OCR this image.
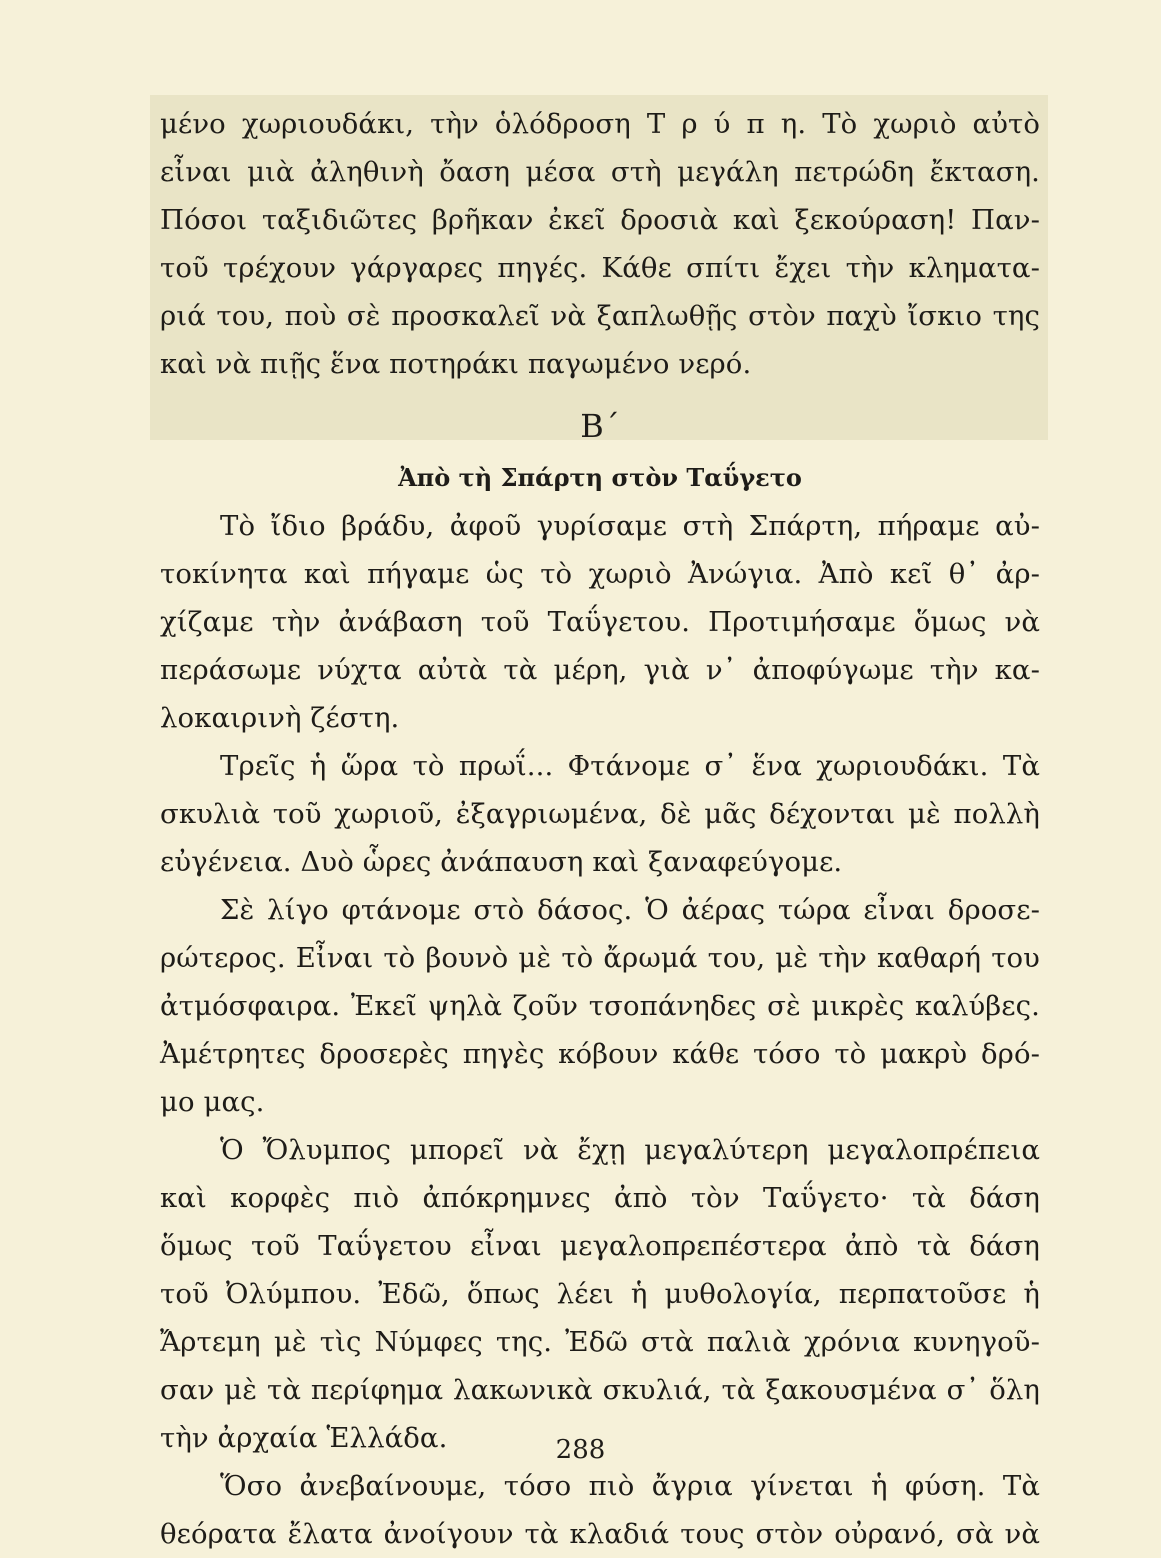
μένο χωριουδάκι, τὴν ὁλόδροση Τ ρ ύ π η. Τὸ χωριὸ αὐτὸ
εἶναι μιὰ ἀληθινὴ ὄαση μέσα στὴ μεγάλη πετρώδη ἔκταση.
Πόσοι ταξιδιῶτες βρῆκαν ἐκεῖ δροσιὰ καὶ ξεκούραση! Παν-
τοῦ τρέχουν γάργαρες πηγές. Κάθε σπίτι ἔχει τὴν κληματα-
ριά του, ποὺ σὲ προσκαλεῖ νὰ ξαπλωθῇς στὸν παχὺ ἴσκιο της
καὶ νὰ πιῇς ἕνα ποτηράκι παγωμένο νερό.
Β΄
Ἀπὸ τὴ Σπάρτη στὸν Ταΰγετο
Τὸ ἴδιο βράδυ, ἀφοῦ γυρίσαμε στὴ Σπάρτη, πήραμε αὐ-
τοκίνητα καὶ πήγαμε ὡς τὸ χωριὸ Ἀνώγια. Ἀπὸ κεῖ θ᾽ ἀρ-
χίζαμε τὴν ἀνάβαση τοῦ Ταΰγετου. Προτιμήσαμε ὅμως νὰ
περάσωμε νύχτα αὐτὰ τὰ μέρη, γιὰ ν᾽ ἀποφύγωμε τὴν κα-
λοκαιρινὴ ζέστη.
Τρεῖς ἡ ὥρα τὸ πρωΐ... Φτάνομε σ᾽ ἕνα χωριουδάκι. Τὰ
σκυλιὰ τοῦ χωριοῦ, ἐξαγριωμένα, δὲ μᾶς δέχονται μὲ πολλὴ
εὐγένεια. Δυὸ ὧρες ἀνάπαυση καὶ ξαναφεύγομε.
Σὲ λίγο φτάνομε στὸ δάσος. Ὁ ἀέρας τώρα εἶναι δροσε-
ρώτερος. Εἶναι τὸ βουνὸ μὲ τὸ ἄρωμά του, μὲ τὴν καθαρή του
ἀτμόσφαιρα. Ἐκεῖ ψηλὰ ζοῦν τσοπάνηδες σὲ μικρὲς καλύβες.
Ἀμέτρητες δροσερὲς πηγὲς κόβουν κάθε τόσο τὸ μακρὺ δρό-
μο μας.
Ὁ Ὄλυμπος μπορεῖ νὰ ἔχῃ μεγαλύτερη μεγαλοπρέπεια
καὶ κορφὲς πιὸ ἀπόκρημνες ἀπὸ τὸν Ταΰγετο· τὰ δάση
ὅμως τοῦ Ταΰγετου εἶναι μεγαλοπρεπέστερα ἀπὸ τὰ δάση
τοῦ Ὀλύμπου. Ἐδῶ, ὅπως λέει ἡ μυθολογία, περπατοῦσε ἡ
Ἄρτεμη μὲ τὶς Νύμφες της. Ἐδῶ στὰ παλιὰ χρόνια κυνηγοῦ-
σαν μὲ τὰ περίφημα λακωνικὰ σκυλιά, τὰ ξακουσμένα σ᾽ ὅλη
τὴν ἀρχαία Ἑλλάδα.
Ὅσο ἀνεβαίνουμε, τόσο πιὸ ἄγρια γίνεται ἡ φύση. Τὰ
θεόρατα ἔλατα ἀνοίγουν τὰ κλαδιά τους στὸν οὐρανό, σὰ νὰ
288
